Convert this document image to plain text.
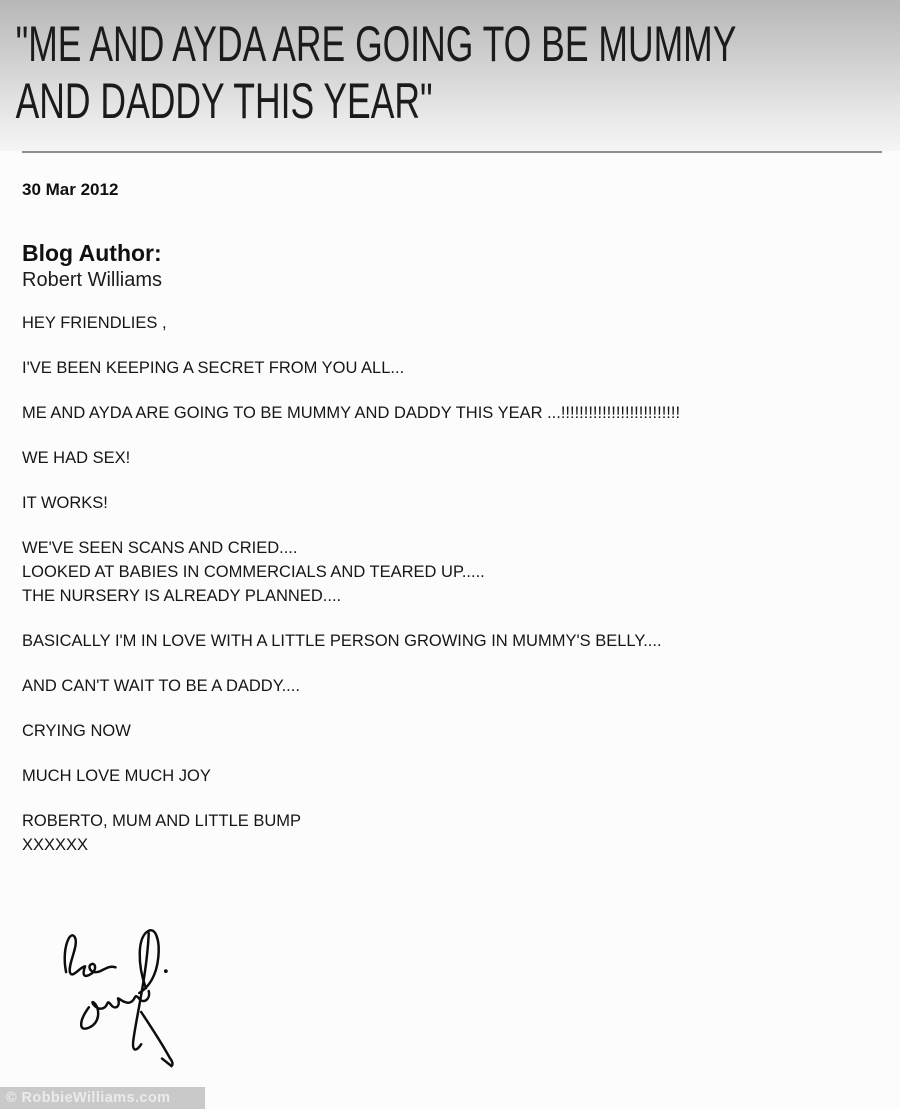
"ME AND AYDA ARE GOING TO BE MUMMY
AND DADDY THIS YEAR"
30 Mar 2012
Blog Author:
Robert Williams

HEY FRIENDLIES ,

I'VE BEEN KEEPING A SECRET FROM YOU ALL...

ME AND AYDA ARE GOING TO BE MUMMY AND DADDY THIS YEAR ...!!!!!!!!!!!!!!!!!!!!!!!!!!

WE HAD SEX!

IT WORKS!

WE'VE SEEN SCANS AND CRIED....
LOOKED AT BABIES IN COMMERCIALS AND TEARED UP.....
THE NURSERY IS ALREADY PLANNED....

BASICALLY I'M IN LOVE WITH A LITTLE PERSON GROWING IN MUMMY'S BELLY....

AND CAN'T WAIT TO BE A DADDY....

CRYING NOW

MUCH LOVE MUCH JOY

ROBERTO, MUM AND LITTLE BUMP
XXXXXX

© RobbieWilliams.com
